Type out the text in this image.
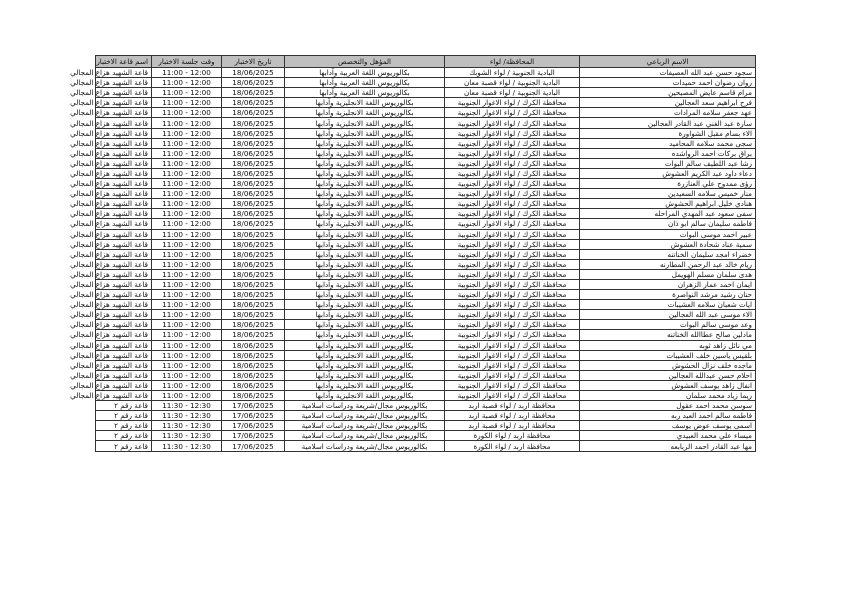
الاسم الرباعي	المحافظة/ لواء	المؤهل والتخصص	تاريخ الاختبار	وقت جلسة الاختبار	اسم قاعة الاختبار
سجود حسن عبد الله العصيفات	البادية الجنوبية / لواء الشوبك	بكالوريوس اللغة العربية وآدابها	18/06/2025	11:00 - 12:00	قاعة الشهيد هزاع المجالي
روان رضوان احمد حميدات	البادية الجنوبية / لواء قصبة معان	بكالوريوس اللغة العربية وآدابها	18/06/2025	11:00 - 12:00	قاعة الشهيد هزاع المجالي
مرام قاسم عايض المصيحين	البادية الجنوبية / لواء قصبة معان	بكالوريوس اللغة العربية وآدابها	18/06/2025	11:00 - 12:00	قاعة الشهيد هزاع المجالي
فرح ابراهيم سعد العجالين	محافظة الكرك / لواء الاغوار الجنوبية	بكالوريوس اللغة الانجليزية وآدابها	18/06/2025	11:00 - 12:00	قاعة الشهيد هزاع المجالي
عهد جعفر سلامه المرادات	محافظة الكرك / لواء الاغوار الجنوبية	بكالوريوس اللغة الانجليزية وآدابها	18/06/2025	11:00 - 12:00	قاعة الشهيد هزاع المجالي
سارة عبد الغني عبد القادر العجالين	محافظة الكرك / لواء الاغوار الجنوبية	بكالوريوس اللغة الانجليزية وآدابها	18/06/2025	11:00 - 12:00	قاعة الشهيد هزاع المجالي
الاء بسام مقبل الشواورة	محافظة الكرك / لواء الاغوار الجنوبية	بكالوريوس اللغة الانجليزية وآدابها	18/06/2025	11:00 - 12:00	قاعة الشهيد هزاع المجالي
سجى محمد سلامه المحاميد	محافظة الكرك / لواء الاغوار الجنوبية	بكالوريوس اللغة الانجليزية وآدابها	18/06/2025	11:00 - 12:00	قاعة الشهيد هزاع المجالي
براق بركات احمد الرواشده	محافظة الكرك / لواء الاغوار الجنوبية	بكالوريوس اللغة الانجليزية وآدابها	18/06/2025	11:00 - 12:00	قاعة الشهيد هزاع المجالي
رشا عبد اللطيف سالم البوات	محافظة الكرك / لواء الاغوار الجنوبية	بكالوريوس اللغة الانجليزية وآدابها	18/06/2025	11:00 - 12:00	قاعة الشهيد هزاع المجالي
دعاء داود عبد الكريم العشوش	محافظة الكرك / لواء الاغوار الجنوبية	بكالوريوس اللغة الانجليزية وآدابها	18/06/2025	11:00 - 12:00	قاعة الشهيد هزاع المجالي
رؤى ممدوح علي العنازرة	محافظة الكرك / لواء الاغوار الجنوبية	بكالوريوس اللغة الانجليزية وآدابها	18/06/2025	11:00 - 12:00	قاعة الشهيد هزاع المجالي
منار خميس سلامه السعيدين	محافظة الكرك / لواء الاغوار الجنوبية	بكالوريوس اللغة الانجليزية وآدابها	18/06/2025	11:00 - 12:00	قاعة الشهيد هزاع المجالي
هنادي خليل ابراهيم الحشوش	محافظة الكرك / لواء الاغوار الجنوبية	بكالوريوس اللغة الانجليزية وآدابها	18/06/2025	11:00 - 12:00	قاعة الشهيد هزاع المجالي
سفى سعود عبد المهدي المراحله	محافظة الكرك / لواء الاغوار الجنوبية	بكالوريوس اللغة الانجليزية وآدابها	18/06/2025	11:00 - 12:00	قاعة الشهيد هزاع المجالي
فاطمه سليمان سالم ابو ذان	محافظة الكرك / لواء الاغوار الجنوبية	بكالوريوس اللغة الانجليزية وآدابها	18/06/2025	11:00 - 12:00	قاعة الشهيد هزاع المجالي
عبير احمد موسى البوات	محافظة الكرك / لواء الاغوار الجنوبية	بكالوريوس اللغة الانجليزية وآدابها	18/06/2025	11:00 - 12:00	قاعة الشهيد هزاع المجالي
سمية عناد شحادة العشوش	محافظة الكرك / لواء الاغوار الجنوبية	بكالوريوس اللغة الانجليزية وآدابها	18/06/2025	11:00 - 12:00	قاعة الشهيد هزاع المجالي
خضراء امجد سليمان الخناتنه	محافظة الكرك / لواء الاغوار الجنوبية	بكالوريوس اللغة الانجليزية وآدابها	18/06/2025	11:00 - 12:00	قاعة الشهيد هزاع المجالي
ريام خالد عبد الرحمن المطارنه	محافظة الكرك / لواء الاغوار الجنوبية	بكالوريوس اللغة الانجليزية وآدابها	18/06/2025	11:00 - 12:00	قاعة الشهيد هزاع المجالي
هدى سلمان مسلم الهويمل	محافظة الكرك / لواء الاغوار الجنوبية	بكالوريوس اللغة الانجليزية وآدابها	18/06/2025	11:00 - 12:00	قاعة الشهيد هزاع المجالي
ايمان احمد عمار الزهران	محافظة الكرك / لواء الاغوار الجنوبية	بكالوريوس اللغة الانجليزية وآدابها	18/06/2025	11:00 - 12:00	قاعة الشهيد هزاع المجالي
حنان رشيد مرشد النواصرة	محافظة الكرك / لواء الاغوار الجنوبية	بكالوريوس اللغة الانجليزية وآدابها	18/06/2025	11:00 - 12:00	قاعة الشهيد هزاع المجالي
ايات شعبان سلامه العشيبات	محافظة الكرك / لواء الاغوار الجنوبية	بكالوريوس اللغة الانجليزية وآدابها	18/06/2025	11:00 - 12:00	قاعة الشهيد هزاع المجالي
الاء موسى عبد الله العجالين	محافظة الكرك / لواء الاغوار الجنوبية	بكالوريوس اللغة الانجليزية وآدابها	18/06/2025	11:00 - 12:00	قاعة الشهيد هزاع المجالي
وعد موسى سالم البوات	محافظة الكرك / لواء الاغوار الجنوبية	بكالوريوس اللغة الانجليزية وآدابها	18/06/2025	11:00 - 12:00	قاعة الشهيد هزاع المجالي
مادلين صالح عطاالله الخناتنه	محافظة الكرك / لواء الاغوار الجنوبية	بكالوريوس اللغة الانجليزية وآدابها	18/06/2025	11:00 - 12:00	قاعة الشهيد هزاع المجالي
مي نائل زاهد ثوبه	محافظة الكرك / لواء الاغوار الجنوبية	بكالوريوس اللغة الانجليزية وآدابها	18/06/2025	11:00 - 12:00	قاعة الشهيد هزاع المجالي
بلقيس ياسين خلف العشيبات	محافظة الكرك / لواء الاغوار الجنوبية	بكالوريوس اللغة الانجليزية وآدابها	18/06/2025	11:00 - 12:00	قاعة الشهيد هزاع المجالي
ماجده خلف نزال الحشوش	محافظة الكرك / لواء الاغوار الجنوبية	بكالوريوس اللغة الانجليزية وآدابها	18/06/2025	11:00 - 12:00	قاعة الشهيد هزاع المجالي
احلام حسن عبدالله العجالين	محافظة الكرك / لواء الاغوار الجنوبية	بكالوريوس اللغة الانجليزية وآدابها	18/06/2025	11:00 - 12:00	قاعة الشهيد هزاع المجالي
انفال زاهد يوسف العشوش	محافظة الكرك / لواء الاغوار الجنوبية	بكالوريوس اللغة الانجليزية وآدابها	18/06/2025	11:00 - 12:00	قاعة الشهيد هزاع المجالي
ريما زياد محمد سلمان	محافظة الكرك / لواء الاغوار الجنوبية	بكالوريوس اللغة الانجليزية وآدابها	18/06/2025	11:00 - 12:00	قاعة الشهيد هزاع المجالي
سوسن محمد احمد عقول	محافظة اربد / لواء قصبة اربد	بكالوريوس مجال/شريعة ودراسات اسلامية	17/06/2025	11:30 - 12:30	قاعة رقم ٢
فاطمه سالم احمد العبد ربه	محافظة اربد / لواء قصبة اربد	بكالوريوس مجال/شريعة ودراسات اسلامية	17/06/2025	11:30 - 12:30	قاعة رقم ٢
اسمى يوسف عوض يوسف	محافظة اربد / لواء قصبة اربد	بكالوريوس مجال/شريعة ودراسات اسلامية	17/06/2025	11:30 - 12:30	قاعة رقم ٢
ميساء علي محمد العبيدي	محافظة اربد / لواء الكورة	بكالوريوس مجال/شريعة ودراسات اسلامية	17/06/2025	11:30 - 12:30	قاعة رقم ٢
مها عبد القادر احمد الربابعه	محافظة اربد / لواء الكورة	بكالوريوس مجال/شريعة ودراسات اسلامية	17/06/2025	11:30 - 12:30	قاعة رقم ٢
